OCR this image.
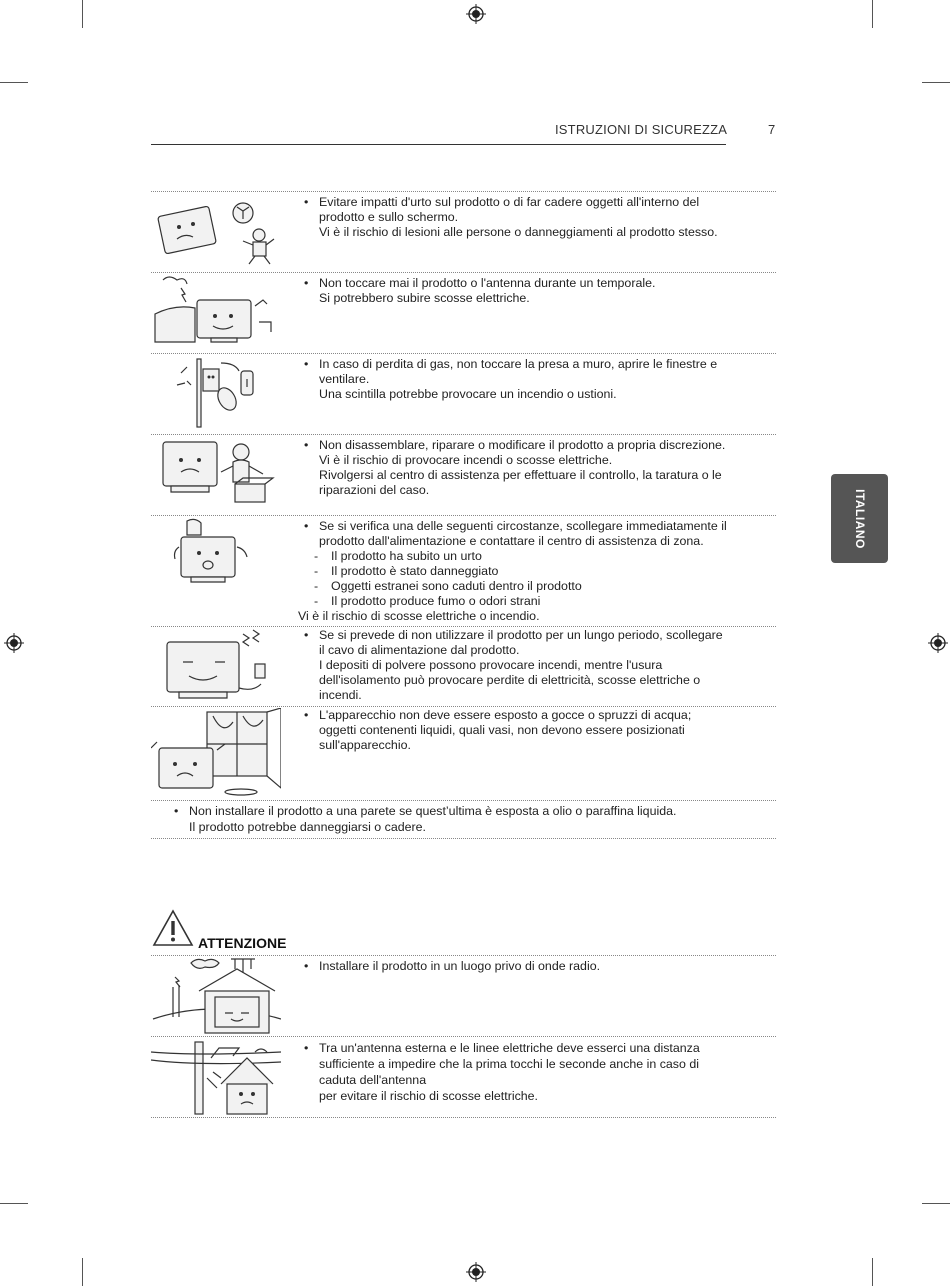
ISTRUZIONI DI SICUREZZA	7
ITALIANO
• Evitare impatti d'urto sul prodotto o di far cadere oggetti all'interno del
prodotto e sullo schermo.
Vi è il rischio di lesioni alle persone o danneggiamenti al prodotto stesso.
• Non toccare mai il prodotto o l'antenna durante un temporale.
Si potrebbero subire scosse elettriche.
• In caso di perdita di gas, non toccare la presa a muro, aprire le finestre e
ventilare.
Una scintilla potrebbe provocare un incendio o ustioni.
• Non disassemblare, riparare o modificare il prodotto a propria discrezione.
Vi è il rischio di provocare incendi o scosse elettriche.
Rivolgersi al centro di assistenza per effettuare il controllo, la taratura o le
riparazioni del caso.
• Se si verifica una delle seguenti circostanze, scollegare immediatamente il
prodotto dall'alimentazione e contattare il centro di assistenza di zona.
- Il prodotto ha subito un urto
- Il prodotto è stato danneggiato
- Oggetti estranei sono caduti dentro il prodotto
- Il prodotto produce fumo o odori strani
Vi è il rischio di scosse elettriche o incendio.
• Se si prevede di non utilizzare il prodotto per un lungo periodo, scollegare
il cavo di alimentazione dal prodotto.
I depositi di polvere possono provocare incendi, mentre l'usura
dell'isolamento può provocare perdite di elettricità, scosse elettriche o
incendi.
• L'apparecchio non deve essere esposto a gocce o spruzzi di acqua;
oggetti contenenti liquidi, quali vasi, non devono essere posizionati
sull'apparecchio.
• Non installare il prodotto a una parete se quest’ultima è esposta a olio o paraffina liquida.
Il prodotto potrebbe danneggiarsi o cadere.
ATTENZIONE
• Installare il prodotto in un luogo privo di onde radio.
• Tra un'antenna esterna e le linee elettriche deve esserci una distanza
sufficiente a impedire che la prima tocchi le seconde anche in caso di
caduta dell'antenna
per evitare il rischio di scosse elettriche.
